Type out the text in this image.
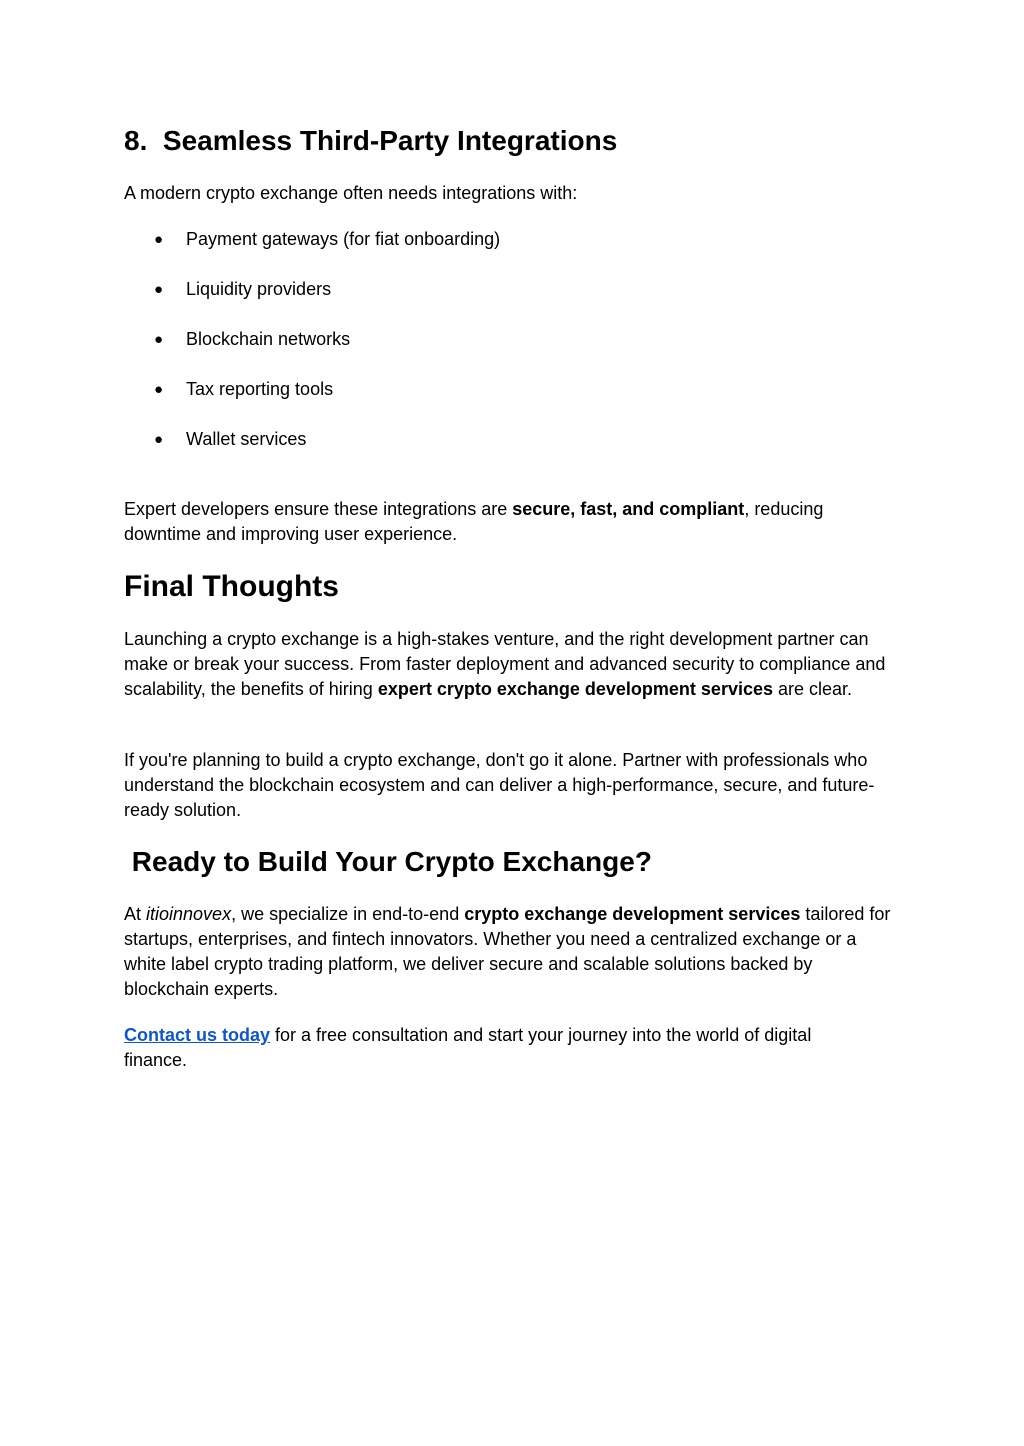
8.  Seamless Third-Party Integrations

A modern crypto exchange often needs integrations with:

● Payment gateways (for fiat onboarding)
● Liquidity providers
● Blockchain networks
● Tax reporting tools
● Wallet services

Expert developers ensure these integrations are secure, fast, and compliant, reducing downtime and improving user experience.

Final Thoughts

Launching a crypto exchange is a high-stakes venture, and the right development partner can make or break your success. From faster deployment and advanced security to compliance and scalability, the benefits of hiring expert crypto exchange development services are clear.

If you're planning to build a crypto exchange, don't go it alone. Partner with professionals who understand the blockchain ecosystem and can deliver a high-performance, secure, and future-ready solution.

Ready to Build Your Crypto Exchange?

At itioinnovex, we specialize in end-to-end crypto exchange development services tailored for startups, enterprises, and fintech innovators. Whether you need a centralized exchange or a white label crypto trading platform, we deliver secure and scalable solutions backed by blockchain experts.

Contact us today for a free consultation and start your journey into the world of digital finance.
